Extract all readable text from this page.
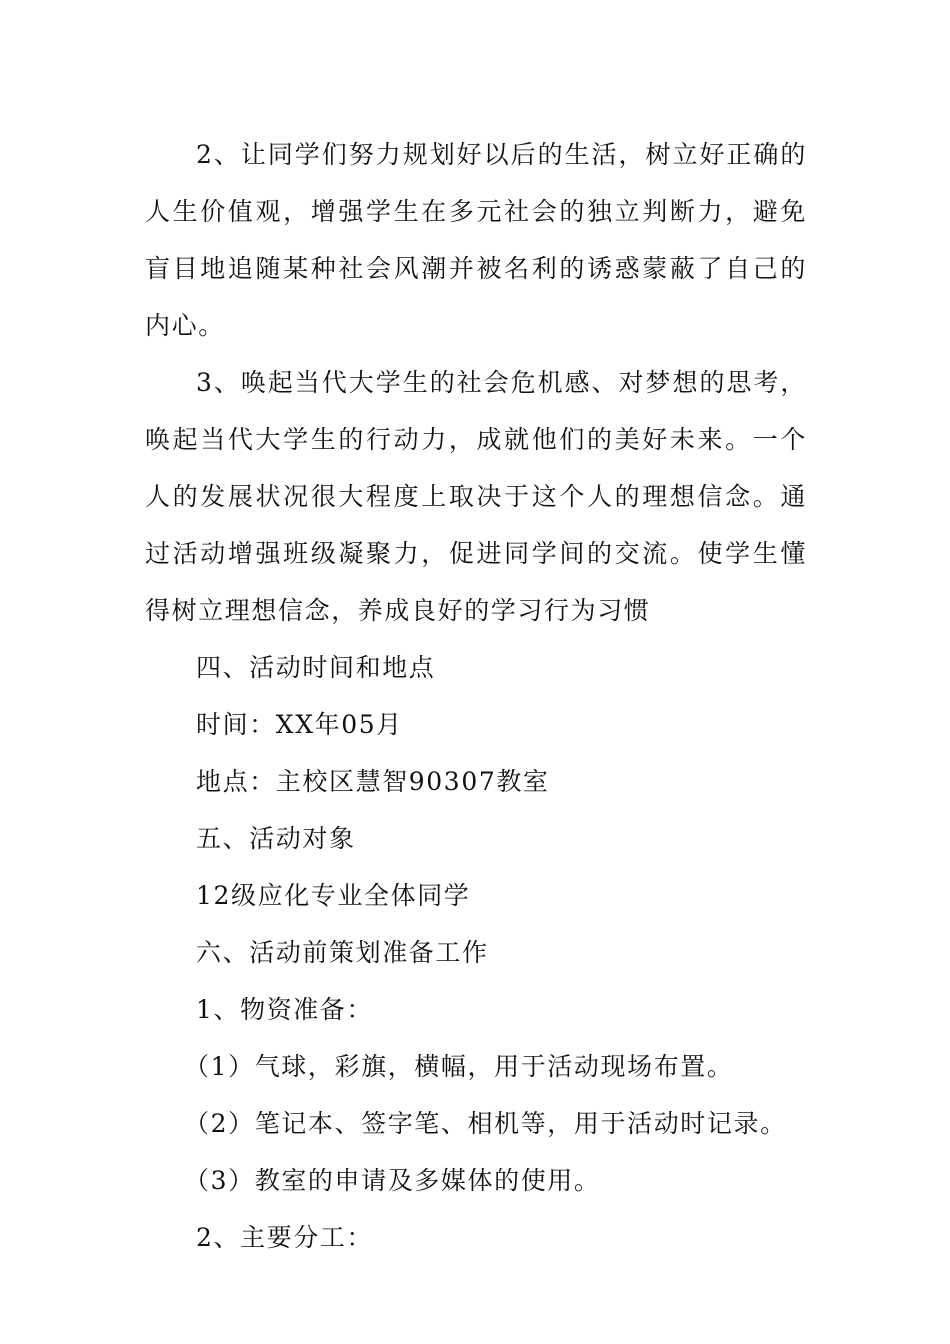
2、让同学们努力规划好以后的生活，树立好正确的人生价值观，增强学生在多元社会的独立判断力，避免盲目地追随某种社会风潮并被名利的诱惑蒙蔽了自己的内心。

3、唤起当代大学生的社会危机感、对梦想的思考，唤起当代大学生的行动力，成就他们的美好未来。一个人的发展状况很大程度上取决于这个人的理想信念。通过活动增强班级凝聚力，促进同学间的交流。使学生懂得树立理想信念，养成良好的学习行为习惯

四、活动时间和地点

时间：XX年05月

地点：主校区慧智90307教室

五、活动对象

12级应化专业全体同学

六、活动前策划准备工作

1、物资准备：

（1）气球，彩旗，横幅，用于活动现场布置。

（2）笔记本、签字笔、相机等，用于活动时记录。

（3）教室的申请及多媒体的使用。

2、主要分工：
